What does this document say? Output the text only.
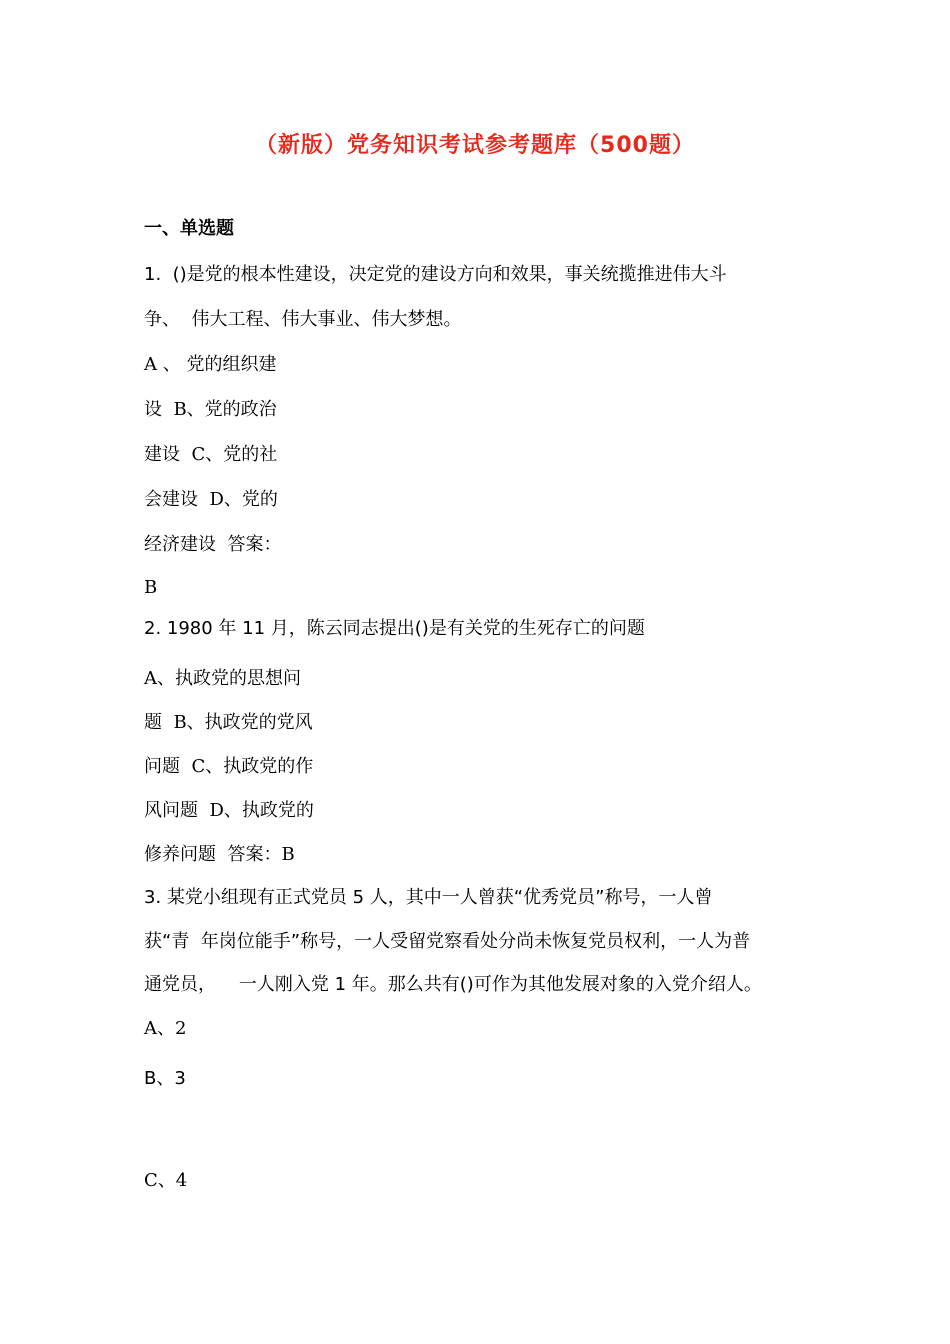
（新版）党务知识考试参考题库（500题）
一、单选题
1.  ()是党的根本性建设，决定党的建设方向和效果，事关统揽推进伟大斗
争、  伟大工程、伟大事业、伟大梦想。
A 、 党的组织建
设  B、党的政治
建设  C、党的社
会建设  D、党的
经济建设  答案：
B
2. 1980 年 11 月，陈云同志提出()是有关党的生死存亡的问题
A、执政党的思想问
题  B、执政党的党风
问题  C、执政党的作
风问题  D、执政党的
修养问题  答案：B
3. 某党小组现有正式党员 5 人，其中一人曾获“优秀党员”称号，一人曾
获“青  年岗位能手”称号，一人受留党察看处分尚未恢复党员权利，一人为普
通党员，    一人刚入党 1 年。那么共有()可作为其他发展对象的入党介绍人。
A、2
B、3
C、4
